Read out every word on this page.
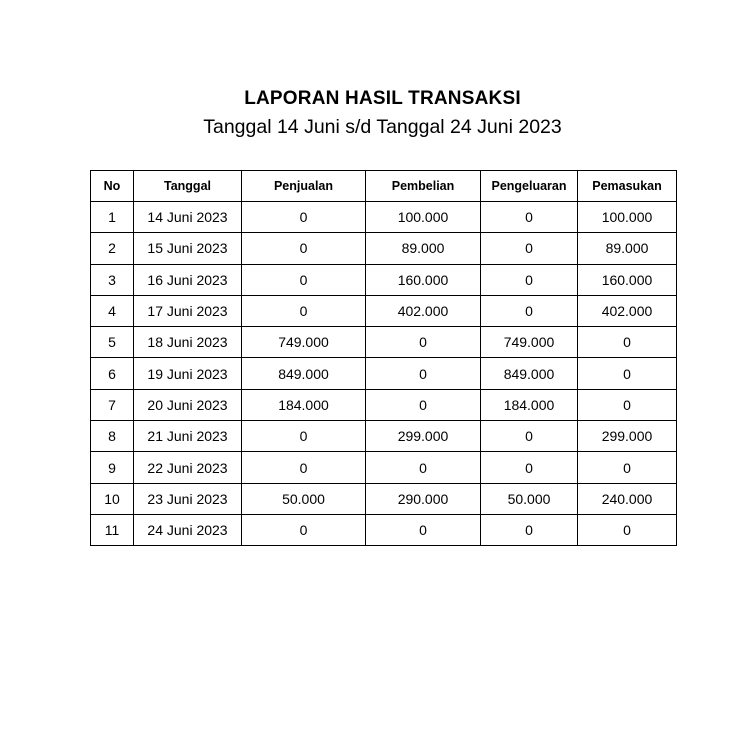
LAPORAN HASIL TRANSAKSI
Tanggal 14 Juni s/d Tanggal 24 Juni 2023
No	Tanggal	Penjualan	Pembelian	Pengeluaran	Pemasukan
1	14 Juni 2023	0	100.000	0	100.000
2	15 Juni 2023	0	89.000	0	89.000
3	16 Juni 2023	0	160.000	0	160.000
4	17 Juni 2023	0	402.000	0	402.000
5	18 Juni 2023	749.000	0	749.000	0
6	19 Juni 2023	849.000	0	849.000	0
7	20 Juni 2023	184.000	0	184.000	0
8	21 Juni 2023	0	299.000	0	299.000
9	22 Juni 2023	0	0	0	0
10	23 Juni 2023	50.000	290.000	50.000	240.000
11	24 Juni 2023	0	0	0	0
